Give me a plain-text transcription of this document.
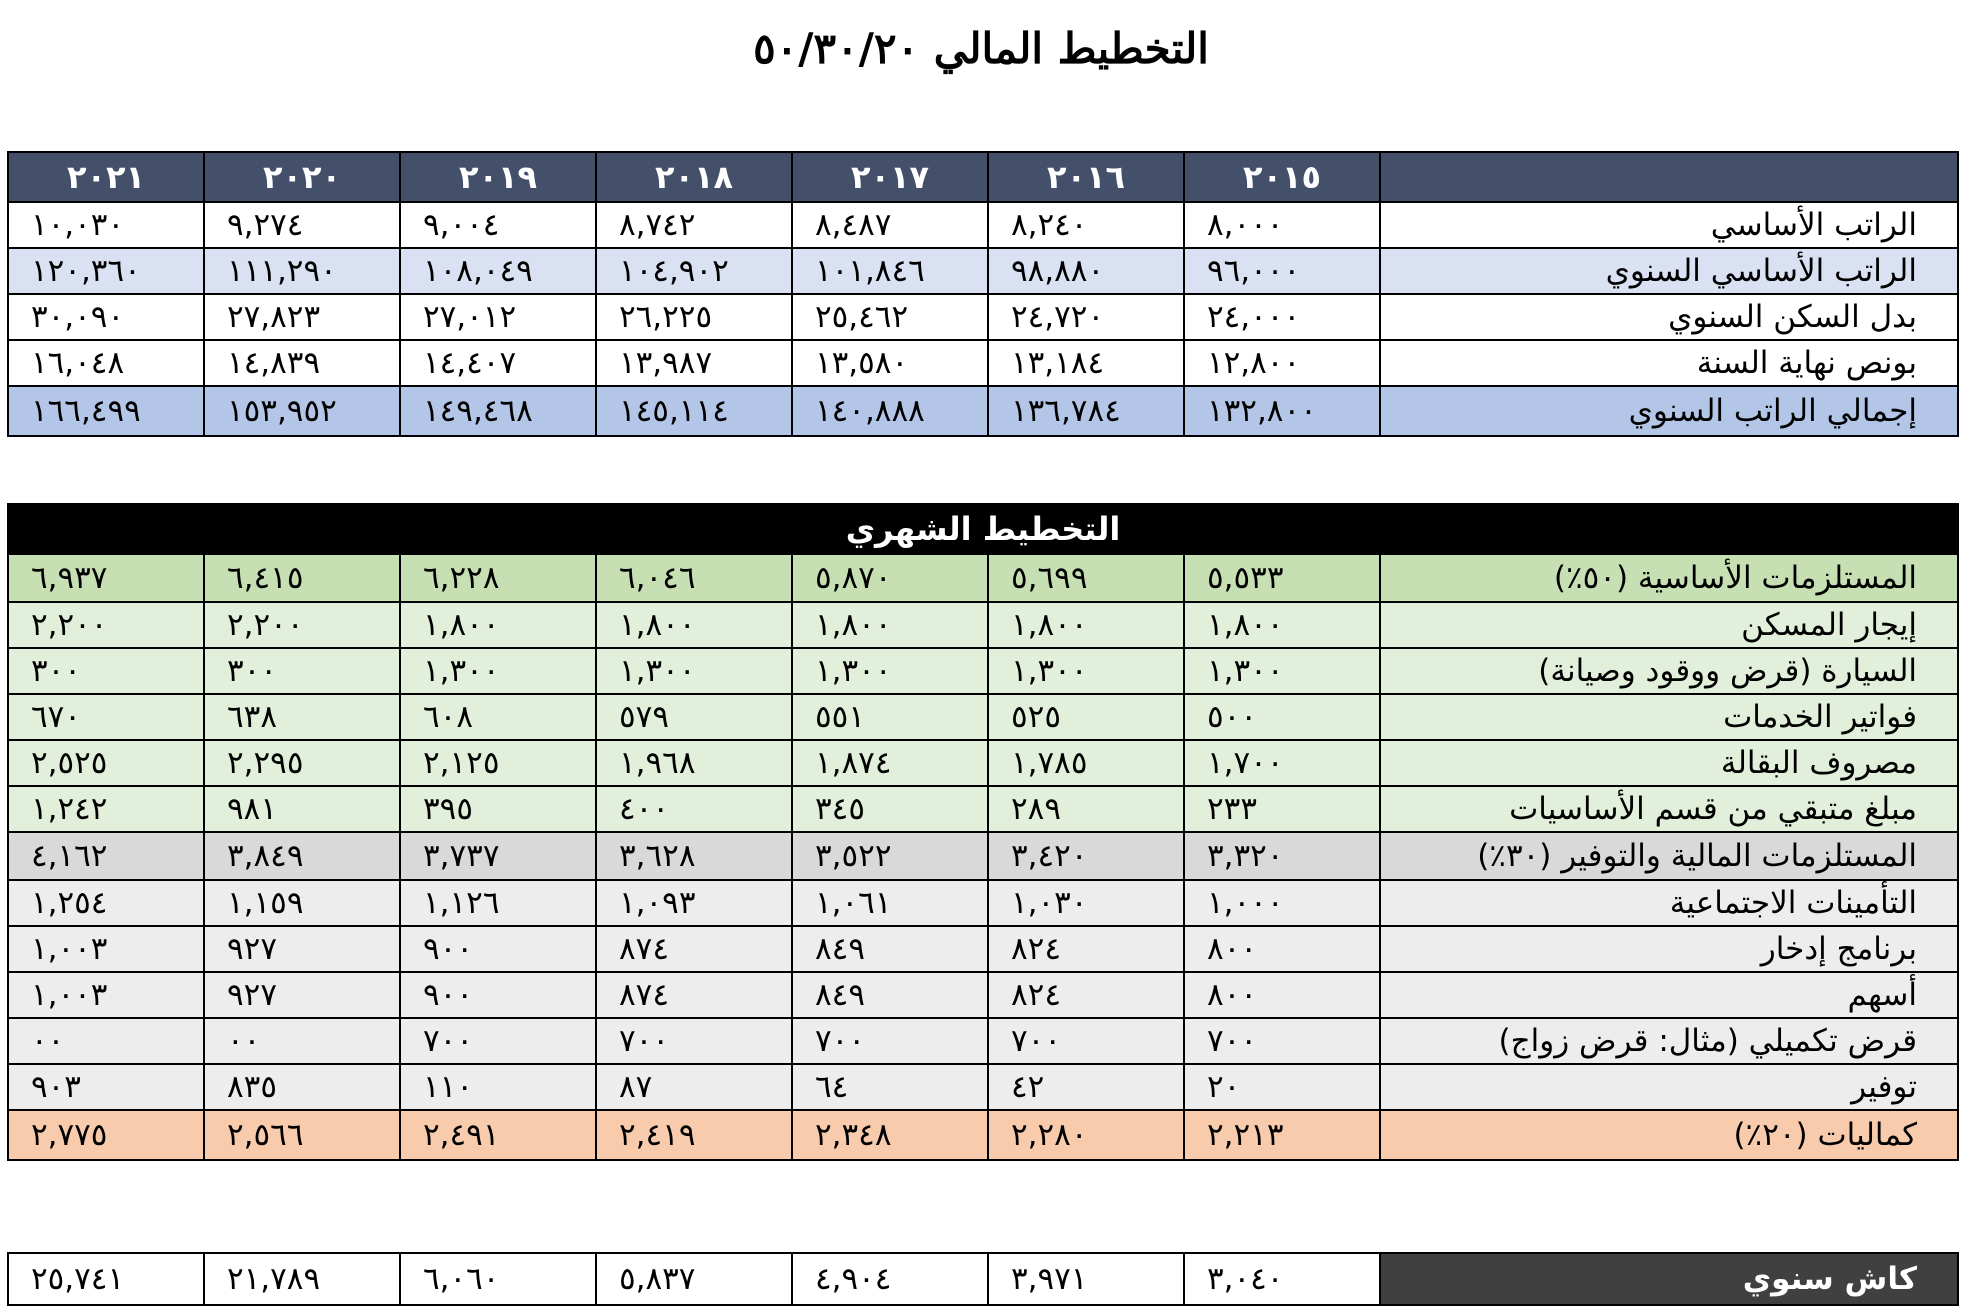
التخطيط المالي ٥٠/٣٠/٢٠
	٢٠١٥	٢٠١٦	٢٠١٧	٢٠١٨	٢٠١٩	٢٠٢٠	٢٠٢١
الراتب الأساسي	٨,٠٠٠	٨,٢٤٠	٨,٤٨٧	٨,٧٤٢	٩,٠٠٤	٩,٢٧٤	١٠,٠٣٠
الراتب الأساسي السنوي	٩٦,٠٠٠	٩٨,٨٨٠	١٠١,٨٤٦	١٠٤,٩٠٢	١٠٨,٠٤٩	١١١,٢٩٠	١٢٠,٣٦٠
بدل السكن السنوي	٢٤,٠٠٠	٢٤,٧٢٠	٢٥,٤٦٢	٢٦,٢٢٥	٢٧,٠١٢	٢٧,٨٢٣	٣٠,٠٩٠
بونص نهاية السنة	١٢,٨٠٠	١٣,١٨٤	١٣,٥٨٠	١٣,٩٨٧	١٤,٤٠٧	١٤,٨٣٩	١٦,٠٤٨
إجمالي الراتب السنوي	١٣٢,٨٠٠	١٣٦,٧٨٤	١٤٠,٨٨٨	١٤٥,١١٤	١٤٩,٤٦٨	١٥٣,٩٥٢	١٦٦,٤٩٩
التخطيط الشهري							
المستلزمات الأساسية (٥٠٪)	٥,٥٣٣	٥,٦٩٩	٥,٨٧٠	٦,٠٤٦	٦,٢٢٨	٦,٤١٥	٦,٩٣٧
إيجار المسكن	١,٨٠٠	١,٨٠٠	١,٨٠٠	١,٨٠٠	١,٨٠٠	٢,٢٠٠	٢,٢٠٠
السيارة (قرض ووقود وصيانة)	١,٣٠٠	١,٣٠٠	١,٣٠٠	١,٣٠٠	١,٣٠٠	٣٠٠	٣٠٠
فواتير الخدمات	٥٠٠	٥٢٥	٥٥١	٥٧٩	٦٠٨	٦٣٨	٦٧٠
مصروف البقالة	١,٧٠٠	١,٧٨٥	١,٨٧٤	١,٩٦٨	٢,١٢٥	٢,٢٩٥	٢,٥٢٥
مبلغ متبقي من قسم الأساسيات	٢٣٣	٢٨٩	٣٤٥	٤٠٠	٣٩٥	٩٨١	١,٢٤٢
المستلزمات المالية والتوفير (٣٠٪)	٣,٣٢٠	٣,٤٢٠	٣,٥٢٢	٣,٦٢٨	٣,٧٣٧	٣,٨٤٩	٤,١٦٢
التأمينات الاجتماعية	١,٠٠٠	١,٠٣٠	١,٠٦١	١,٠٩٣	١,١٢٦	١,١٥٩	١,٢٥٤
برنامج إدخار	٨٠٠	٨٢٤	٨٤٩	٨٧٤	٩٠٠	٩٢٧	١,٠٠٣
أسهم	٨٠٠	٨٢٤	٨٤٩	٨٧٤	٩٠٠	٩٢٧	١,٠٠٣
قرض تكميلي (مثال: قرض زواج)	٧٠٠	٧٠٠	٧٠٠	٧٠٠	٧٠٠	٠٠	٠٠
توفير	٢٠	٤٢	٦٤	٨٧	١١٠	٨٣٥	٩٠٣
كماليات (٢٠٪)	٢,٢١٣	٢,٢٨٠	٢,٣٤٨	٢,٤١٩	٢,٤٩١	٢,٥٦٦	٢,٧٧٥
كاش سنوي	٣,٠٤٠	٣,٩٧١	٤,٩٠٤	٥,٨٣٧	٦,٠٦٠	٢١,٧٨٩	٢٥,٧٤١
